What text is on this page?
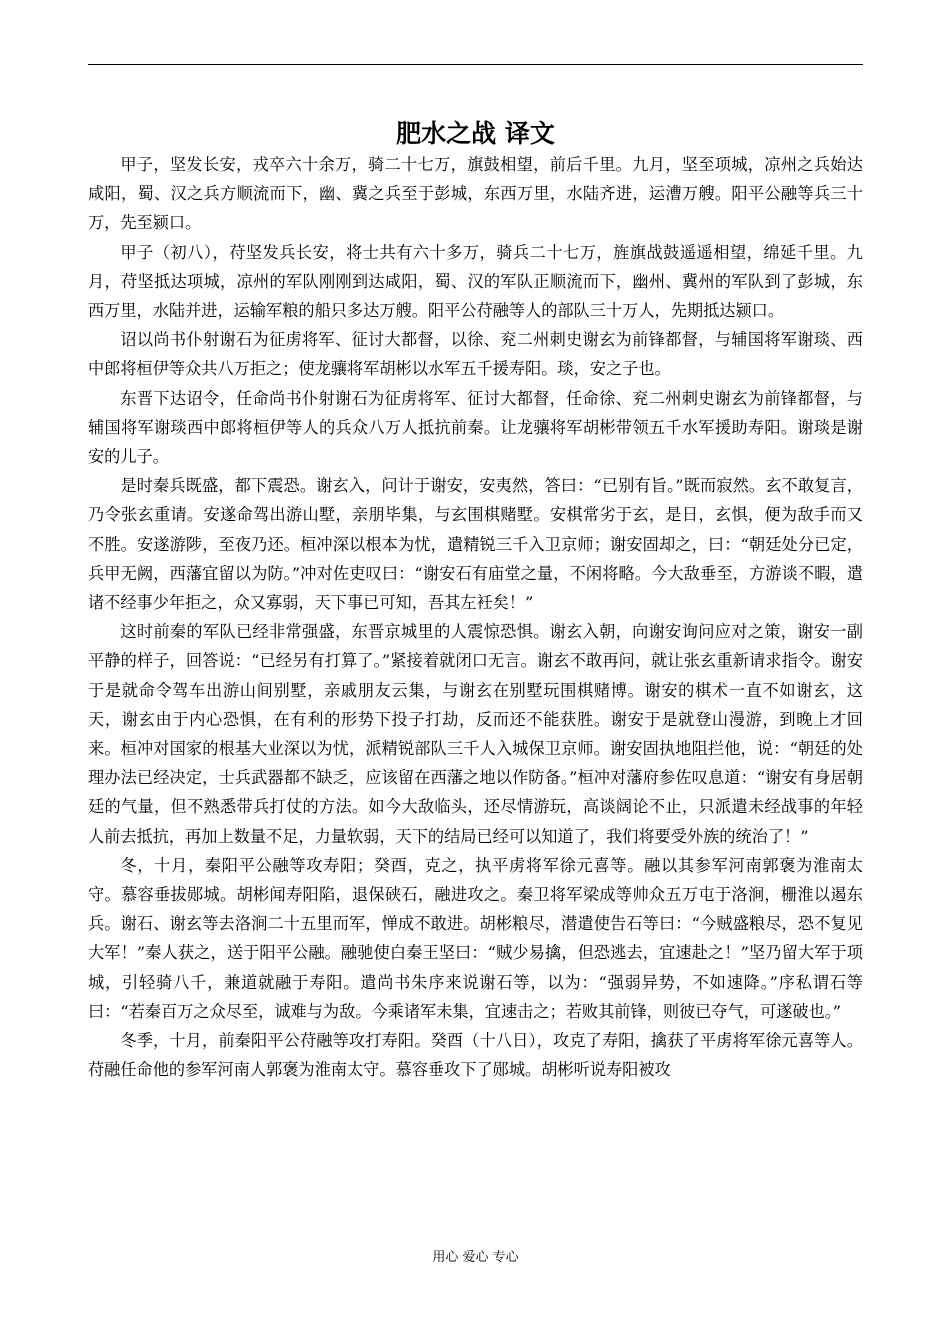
肥水之战 译文

甲子，坚发长安，戎卒六十余万，骑二十七万，旗鼓相望，前后千里。九月，坚至项城，凉州之兵始达咸阳，蜀、汉之兵方顺流而下，幽、冀之兵至于彭城，东西万里，水陆齐进，运漕万艘。阳平公融等兵三十万，先至颍口。

甲子（初八），苻坚发兵长安，将士共有六十多万，骑兵二十七万，旌旗战鼓遥遥相望，绵延千里。九月，苻坚抵达项城，凉州的军队刚刚到达咸阳，蜀、汉的军队正顺流而下，幽州、冀州的军队到了彭城，东西万里，水陆并进，运输军粮的船只多达万艘。阳平公苻融等人的部队三十万人，先期抵达颍口。

诏以尚书仆射谢石为征虏将军、征讨大都督，以徐、兖二州刺史谢玄为前锋都督，与辅国将军谢琰、西中郎将桓伊等众共八万拒之；使龙骧将军胡彬以水军五千援寿阳。琰，安之子也。

东晋下达诏令，任命尚书仆射谢石为征虏将军、征讨大都督，任命徐、兖二州刺史谢玄为前锋都督，与辅国将军谢琰西中郎将桓伊等人的兵众八万人抵抗前秦。让龙骧将军胡彬带领五千水军援助寿阳。谢琰是谢安的儿子。

是时秦兵既盛，都下震恐。谢玄入，问计于谢安，安夷然，答曰：“已别有旨。”既而寂然。玄不敢复言，乃令张玄重请。安遂命驾出游山墅，亲朋毕集，与玄围棋赌墅。安棋常劣于玄，是日，玄惧，便为敌手而又不胜。安遂游陟，至夜乃还。桓冲深以根本为忧，遣精锐三千入卫京师；谢安固却之，曰：“朝廷处分已定，兵甲无阙，西藩宜留以为防。”冲对佐吏叹曰：“谢安石有庙堂之量，不闲将略。今大敌垂至，方游谈不暇，遣诸不经事少年拒之，众又寡弱，天下事已可知，吾其左衽矣！”

这时前秦的军队已经非常强盛，东晋京城里的人震惊恐惧。谢玄入朝，向谢安询问应对之策，谢安一副平静的样子，回答说：“已经另有打算了。”紧接着就闭口无言。谢玄不敢再问，就让张玄重新请求指令。谢安于是就命令驾车出游山间别墅，亲戚朋友云集，与谢玄在别墅玩围棋赌博。谢安的棋术一直不如谢玄，这天，谢玄由于内心恐惧，在有利的形势下投子打劫，反而还不能获胜。谢安于是就登山漫游，到晚上才回来。桓冲对国家的根基大业深以为忧，派精锐部队三千人入城保卫京师。谢安固执地阻拦他，说：“朝廷的处理办法已经决定，士兵武器都不缺乏，应该留在西藩之地以作防备。”桓冲对藩府参佐叹息道：“谢安有身居朝廷的气量，但不熟悉带兵打仗的方法。如今大敌临头，还尽情游玩，高谈阔论不止，只派遣未经战事的年轻人前去抵抗，再加上数量不足，力量软弱，天下的结局已经可以知道了，我们将要受外族的统治了！”

冬，十月，秦阳平公融等攻寿阳；癸酉，克之，执平虏将军徐元喜等。融以其参军河南郭褒为淮南太守。慕容垂拔郧城。胡彬闻寿阳陷，退保硖石，融进攻之。秦卫将军梁成等帅众五万屯于洛涧，栅淮以遏东兵。谢石、谢玄等去洛涧二十五里而军，惮成不敢进。胡彬粮尽，潜遣使告石等曰：“今贼盛粮尽，恐不复见大军！”秦人获之，送于阳平公融。融驰使白秦王坚曰：“贼少易擒，但恐逃去，宜速赴之！”坚乃留大军于项城，引轻骑八千，兼道就融于寿阳。遣尚书朱序来说谢石等，以为：“强弱异势，不如速降。”序私谓石等曰：“若秦百万之众尽至，诚难与为敌。今乘诸军未集，宜速击之；若败其前锋，则彼已夺气，可遂破也。”

冬季，十月，前秦阳平公苻融等攻打寿阳。癸酉（十八日），攻克了寿阳，擒获了平虏将军徐元喜等人。苻融任命他的参军河南人郭褒为淮南太守。慕容垂攻下了郧城。胡彬听说寿阳被攻

用心 爱心 专心
